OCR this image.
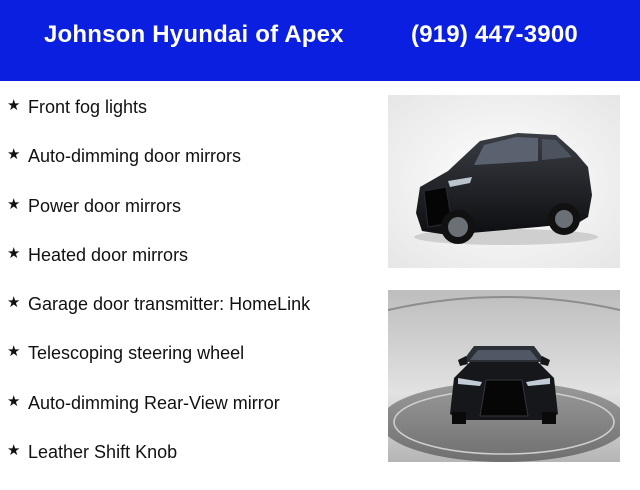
Johnson Hyundai of Apex	(919) 447-3900
★ Front fog lights
★ Auto-dimming door mirrors
★ Power door mirrors
★ Heated door mirrors
★ Garage door transmitter: HomeLink
★ Telescoping steering wheel
★ Auto-dimming Rear-View mirror
★ Leather Shift Knob
